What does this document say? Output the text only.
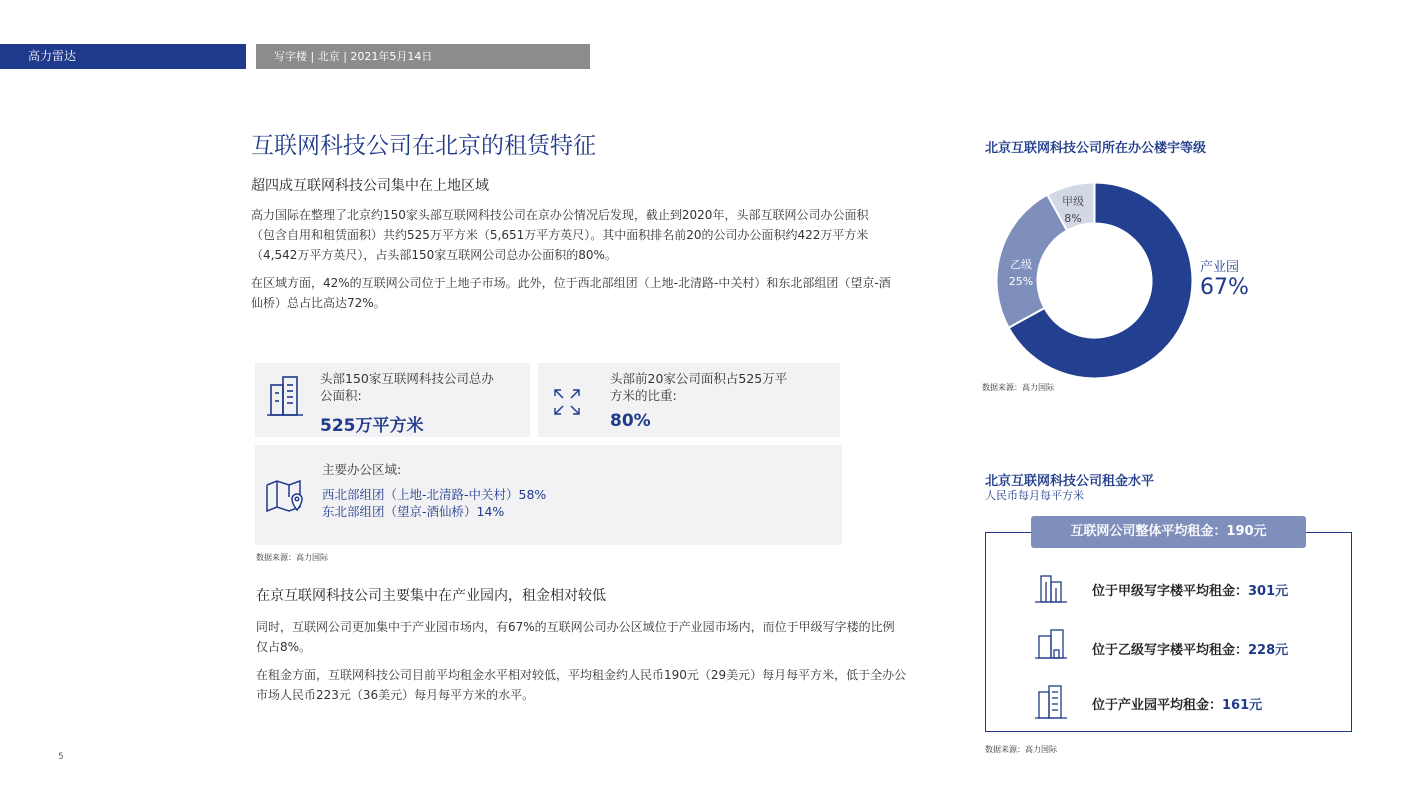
高力雷达	写字楼 | 北京 | 2021年5月14日
互联网科技公司在北京的租赁特征
超四成互联网科技公司集中在上地区域
高力国际在整理了北京约150家头部互联网科技公司在京办公情况后发现，截止到2020年，头部互联网公司办公面积（包含自用和租赁面积）共约525万平方米（5,651万平方英尺）。其中面积排名前20的公司办公面积约422万平方米（4,542万平方英尺），占头部150家互联网公司总办公面积的80%。
在区域方面，42%的互联网公司位于上地子市场。此外，位于西北部组团（上地-北清路-中关村）和东北部组团（望京-酒仙桥）总占比高达72%。
头部150家互联网科技公司总办
公面积:
525万平方米
头部前20家公司面积占525万平
方米的比重:
80%
主要办公区域:
西北部组团（上地-北清路-中关村）58%
东北部组团（望京-酒仙桥）14%
数据来源：高力国际
在京互联网科技公司主要集中在产业园内，租金相对较低
同时，互联网公司更加集中于产业园市场内，有67%的互联网公司办公区域位于产业园市场内，而位于甲级写字楼的比例仅占8%。
在租金方面，互联网科技公司目前平均租金水平相对较低，平均租金约人民币190元（29美元）每月每平方米，低于全办公市场人民币223元（36美元）每月每平方米的水平。
5
北京互联网科技公司所在办公楼宇等级
甲级
8%
乙级
25%
产业园
67%
数据来源：高力国际
北京互联网科技公司租金水平
人民币每月每平方米
互联网公司整体平均租金：190元
位于甲级写字楼平均租金：301元
位于乙级写字楼平均租金：228元
位于产业园平均租金：161元
数据来源：高力国际
